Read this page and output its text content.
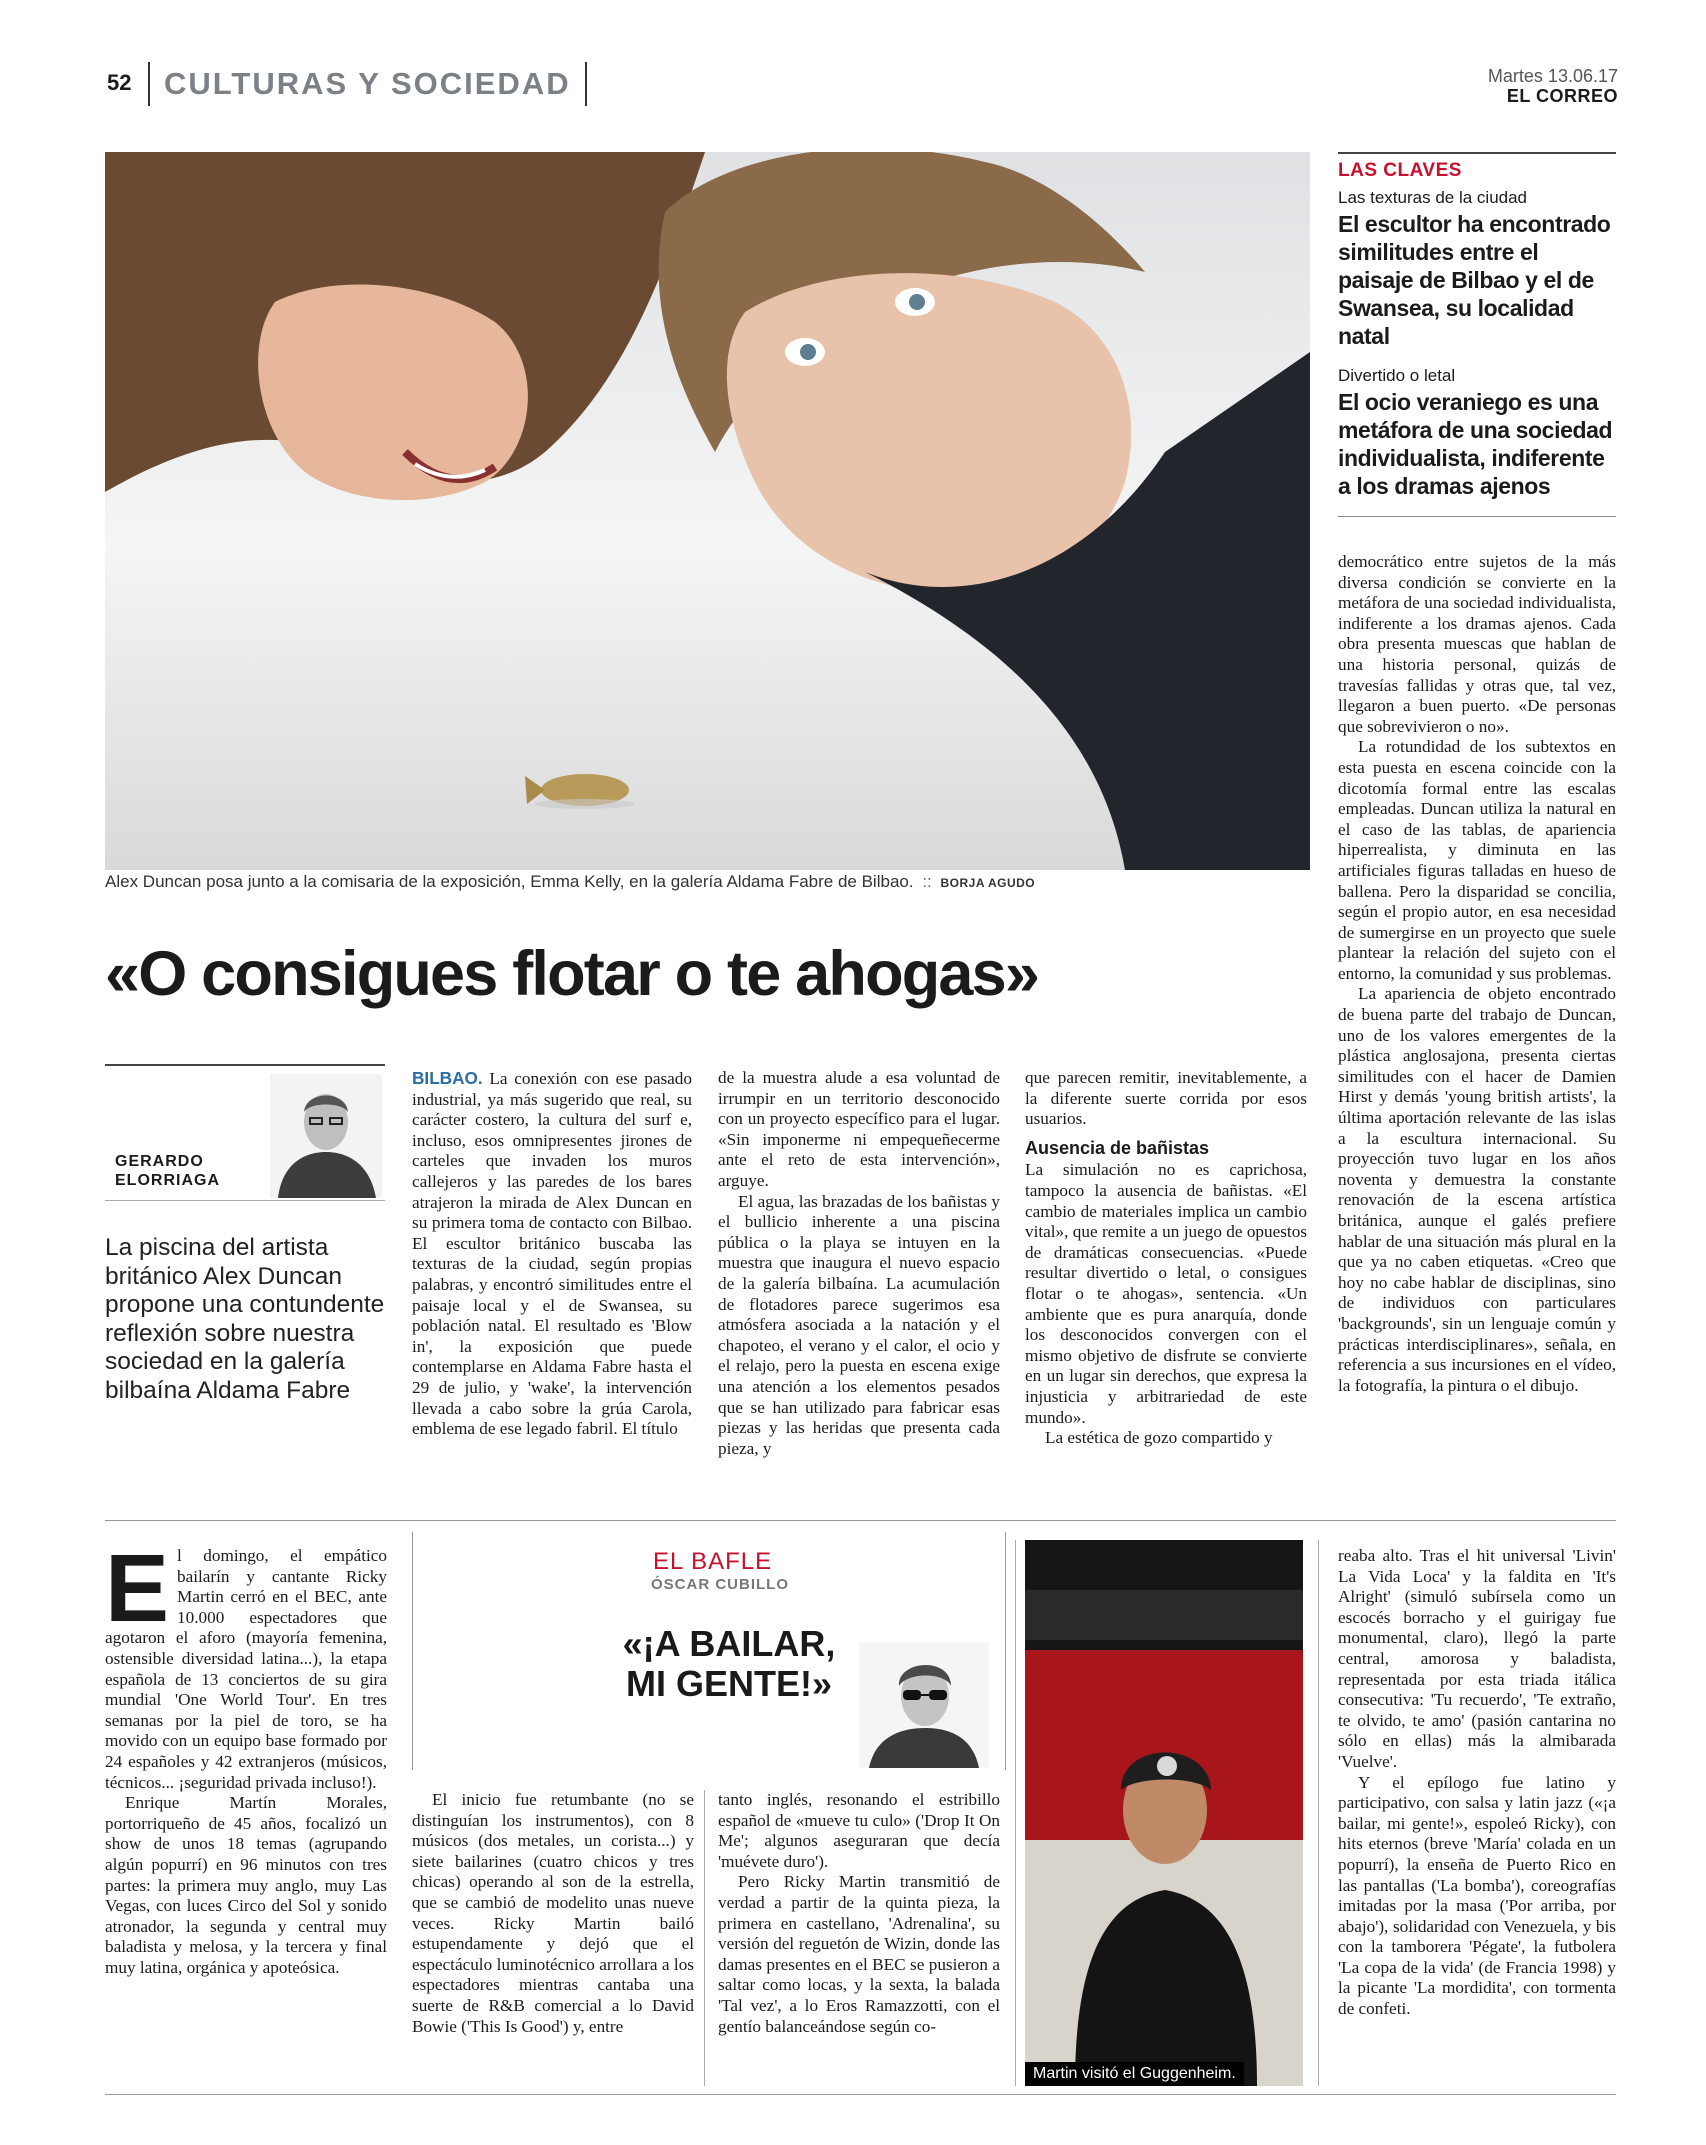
52	CULTURAS Y SOCIEDAD	Martes 13.06.17
EL CORREO
Alex Duncan posa junto a la comisaria de la exposición, Emma Kelly, en la galería Aldama Fabre de Bilbao. :: BORJA AGUDO
LAS CLAVES
Las texturas de la ciudad
El escultor ha encontrado similitudes entre el paisaje de Bilbao y el de Swansea, su localidad natal
Divertido o letal
El ocio veraniego es una metáfora de una sociedad individualista, indiferente a los dramas ajenos

democrático entre sujetos de la más diversa condición se convierte en la metáfora de una sociedad individualista, indiferente a los dramas ajenos. Cada obra presenta muescas que hablan de una historia personal, quizás de travesías fallidas y otras que, tal vez, llegaron a buen puerto. «De personas que sobrevivieron o no».

La rotundidad de los subtextos en esta puesta en escena coincide con la dicotomía formal entre las escalas empleadas. Duncan utiliza la natural en el caso de las tablas, de apariencia hiperrealista, y diminuta en las artificiales figuras talladas en hueso de ballena. Pero la disparidad se concilia, según el propio autor, en esa necesidad de sumergirse en un proyecto que suele plantear la relación del sujeto con el entorno, la comunidad y sus problemas.

La apariencia de objeto encontrado de buena parte del trabajo de Duncan, uno de los valores emergentes de la plástica anglosajona, presenta ciertas similitudes con el hacer de Damien Hirst y demás 'young british artists', la última aportación relevante de las islas a la escultura internacional. Su proyección tuvo lugar en los años noventa y demuestra la constante renovación de la escena artística británica, aunque el galés prefiere hablar de una situación más plural en la que ya no caben etiquetas. «Creo que hoy no cabe hablar de disciplinas, sino de individuos con particulares 'backgrounds', sin un lenguaje común y prácticas interdisciplinares», señala, en referencia a sus incursiones en el vídeo, la fotografía, la pintura o el dibujo.

«O consigues flotar o te ahogas»
GERARDO ELORRIAGA
La piscina del artista británico Alex Duncan propone una contundente reflexión sobre nuestra sociedad en la galería bilbaína Aldama Fabre

BILBAO. La conexión con ese pasado industrial, ya más sugerido que real, su carácter costero, la cultura del surf e, incluso, esos omnipresentes jirones de carteles que invaden los muros callejeros y las paredes de los bares atrajeron la mirada de Alex Duncan en su primera toma de contacto con Bilbao. El escultor británico buscaba las texturas de la ciudad, según propias palabras, y encontró similitudes entre el paisaje local y el de Swansea, su población natal. El resultado es 'Blow in', la exposición que puede contemplarse en Aldama Fabre hasta el 29 de julio, y 'wake', la intervención llevada a cabo sobre la grúa Carola, emblema de ese legado fabril. El título

de la muestra alude a esa voluntad de irrumpir en un territorio desconocido con un proyecto específico para el lugar. «Sin imponerme ni empequeñecerme ante el reto de esta intervención», arguye.

El agua, las brazadas de los bañistas y el bullicio inherente a una piscina pública o la playa se intuyen en la muestra que inaugura el nuevo espacio de la galería bilbaína. La acumulación de flotadores parece sugerimos esa atmósfera asociada a la natación y el chapoteo, el verano y el calor, el ocio y el relajo, pero la puesta en escena exige una atención a los elementos pesados que se han utilizado para fabricar esas piezas y las heridas que presenta cada pieza, y

que parecen remitir, inevitablemente, a la diferente suerte corrida por esos usuarios.

Ausencia de bañistas

La simulación no es caprichosa, tampoco la ausencia de bañistas. «El cambio de materiales implica un cambio vital», que remite a un juego de opuestos de dramáticas consecuencias. «Puede resultar divertido o letal, o consigues flotar o te ahogas», sentencia. «Un ambiente que es pura anarquía, donde los desconocidos convergen con el mismo objetivo de disfrute se convierte en un lugar sin derechos, que expresa la injusticia y arbitrariedad de este mundo».

La estética de gozo compartido y

E l domingo, el empático bailarín y cantante Ricky Martin cerró en el BEC, ante 10.000 espectadores que agotaron el aforo (mayoría femenina, ostensible diversidad latina...), la etapa española de 13 conciertos de su gira mundial 'One World Tour'. En tres semanas por la piel de toro, se ha movido con un equipo base formado por 24 españoles y 42 extranjeros (músicos, técnicos... ¡seguridad privada incluso!).

Enrique Martín Morales, portorriqueño de 45 años, focalizó un show de unos 18 temas (agrupando algún popurrí) en 96 minutos con tres partes: la primera muy anglo, muy Las Vegas, con luces Circo del Sol y sonido atronador, la segunda y central muy baladista y melosa, y la tercera y final muy latina, orgánica y apoteósica.

EL BAFLE
ÓSCAR CUBILLO
«¡A BAILAR, MI GENTE!»

El inicio fue retumbante (no se distinguían los instrumentos), con 8 músicos (dos metales, un corista...) y siete bailarines (cuatro chicos y tres chicas) operando al son de la estrella, que se cambió de modelito unas nueve veces. Ricky Martin bailó estupendamente y dejó que el espectáculo luminotécnico arrollara a los espectadores mientras cantaba una suerte de R&B comercial a lo David Bowie ('This Is Good') y, entre

tanto inglés, resonando el estribillo español de «mueve tu culo» ('Drop It On Me'; algunos aseguraran que decía 'muévete duro').

Pero Ricky Martin transmitió de verdad a partir de la quinta pieza, la primera en castellano, 'Adrenalina', su versión del reguetón de Wizin, donde las damas presentes en el BEC se pusieron a saltar como locas, y la sexta, la balada 'Tal vez', a lo Eros Ramazzotti, con el gentío balanceándose según co-

Martin visitó el Guggenheim.

reaba alto. Tras el hit universal 'Livin' La Vida Loca' y la faldita en 'It's Alright' (simuló subírsela como un escocés borracho y el guirigay fue monumental, claro), llegó la parte central, amorosa y baladista, representada por esta triada itálica consecutiva: 'Tu recuerdo', 'Te extraño, te olvido, te amo' (pasión cantarina no sólo en ellas) más la almibarada 'Vuelve'.

Y el epílogo fue latino y participativo, con salsa y latin jazz («¡a bailar, mi gente!», espoleó Ricky), con hits eternos (breve 'María' colada en un popurrí), la enseña de Puerto Rico en las pantallas ('La bomba'), coreografías imitadas por la masa ('Por arriba, por abajo'), solidaridad con Venezuela, y bis con la tamborera 'Pégate', la futbolera 'La copa de la vida' (de Francia 1998) y la picante 'La mordidita', con tormenta de confeti.
